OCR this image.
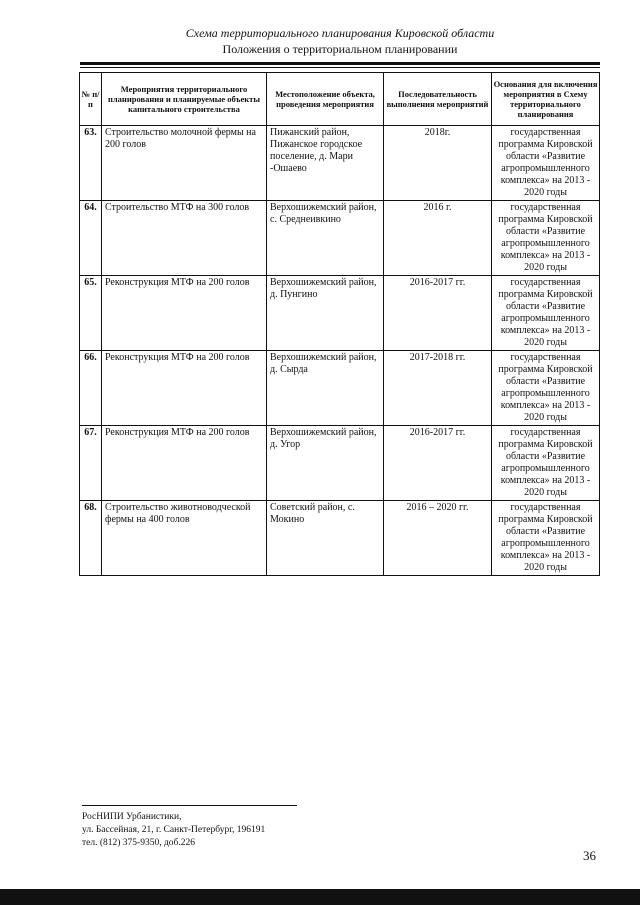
Схема территориального планирования Кировской области
Положения о территориальном планировании
№ п/п	Мероприятия территориального планирования и планируемые объекты капитального строительства	Местоположение объекта, проведения мероприятия	Последовательность выполнения мероприятий	Основания для включения мероприятия в Схему территориального планирования
63.	Строительство молочной фермы на 200 голов	Пижанский район, Пижанское городское поселение, д. Мари -Ошаево	2018г.	государственная программа Кировской области «Развитие агропромышленного комплекса» на 2013 - 2020 годы
64.	Строительство МТФ на 300 голов	Верхошижемский район, с. Среднеивкино	2016 г.	государственная программа Кировской области «Развитие агропромышленного комплекса» на 2013 - 2020 годы
65.	Реконструкция МТФ на 200 голов	Верхошижемский район, д. Пунгино	2016-2017 гг.	государственная программа Кировской области «Развитие агропромышленного комплекса» на 2013 - 2020 годы
66.	Реконструкция МТФ на 200 голов	Верхошижемский район, д. Сырда	2017-2018 гг.	государственная программа Кировской области «Развитие агропромышленного комплекса» на 2013 - 2020 годы
67.	Реконструкция МТФ на 200 голов	Верхошижемский район, д. Угор	2016-2017 гг.	государственная программа Кировской области «Развитие агропромышленного комплекса» на 2013 - 2020 годы
68.	Строительство животноводческой фермы на 400 голов	Советский район, с. Мокино	2016 – 2020 гг.	государственная программа Кировской области «Развитие агропромышленного комплекса» на 2013 - 2020 годы
РосНИПИ Урбанистики,
ул. Бассейная, 21, г. Санкт-Петербург, 196191
тел. (812) 375-9350, доб.226
36
